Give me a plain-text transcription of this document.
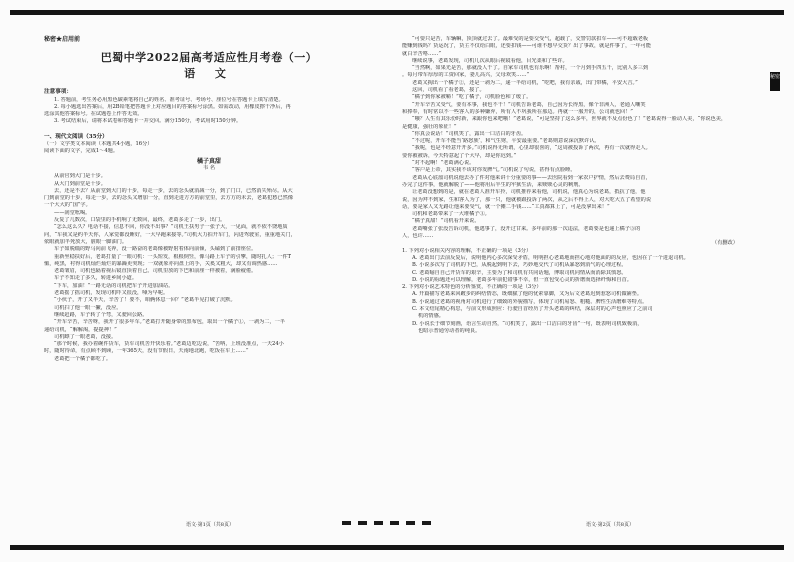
秘密
秘密★启用前
巴蜀中学2022届高考适应性月考卷（一）
语 文
注意事项：

1. 答题前，考生务必用黑色碳素笔将自己的姓名、准考证号、考场号、座位号在答题卡上填写清楚。

2. 每小题选出答案后，用2B铅笔把答题卡上对应题目的答案标号涂黑。如需改动，用橡皮擦干净后，再

选涂其他答案标号。在试题卷上作答无效。

3. 考试结束后，请将本试卷和答题卡一并交回。满分150分，考试用时150分钟。

一、现代文阅读（35分）

（一）文学类文本阅读（本题共4小题，16分）

阅读下面的文字，完成1～4题。

橘子真甜
韦 名

从前官到大门是十步。

从大门到前堂是十步。

去，还是不去？从前堂到大门的十步，每走一步，去的念头就消减一分，到了门口，已然消失殆尽。从大

门到前堂的十步，每走一步，去的念头又增加一分，直到走进方方的前堂里，去方方的未去，老葛犯愁已然像

一个大大的“国”字。

——刮堂吆喝。

反复了几数次，口袋里的手机响了无数回，最终，老葛多走了一步，出门。

“怎么这么久？电话不接，信息不回，你没不出事？”司机王扶男子一张子大，一见面，就不依不饶地质

问，“车我又是约半天你，人家觉都没睡好，一大早跑来接等。”司机大力拍开车门，闪进驾驶室，重重地关门，

依眼就加半死放大，脏眼一脚油门。

车子如脱缰的野马向前飞奔，没一路奋的老葛像被野射着体向前倾，头磕到了前排座位。

重新坐稳扶好后，老葛打量了一眼司机：一头短发，根根倒竖，像马路上车子的引擎，随时扎人；一件T

恤，纯黑，衬得司机灿烂灿烂的暴躁更突现；一双就象亦向盘上的手，关奚又粗大，却又有调热感……

老葛皱眉，司机也隔着视后镜直顶着自己。司机里放的下巴和前座一样被着，满脸疲倦。

车子不知走了多久，转进乡间小道。

“下车，加油！”一路无话的司机把车子开进加油站。

老葛摇了摇司机，发现司机吓又很没，嗓为早呢。

“小伙子，开了又半天，辛苦了！要不，咱俩休息一回？”老葛半见打破了沉默。

司机扫了他一眼一撇，没应。

继续赶路，车子转了个弯，又驶回公路。

“开车辛苦，辛苦呀，我开了很多年车。”老葛打开随身带的黑布包，取出一个橘子①，一剥为二，一半

递给司机，“解解渴，提提神！”

司机瞟了一眼老葛，没接。

“那个时候，我办着碗件货车，货车司机苦开快乐着。”老葛边吃边说，“苦呐，上班没准点，一天24小

时，随时待命，有点顾不到顾，一年365天，没有节假日，天南地北跑，吃饭在车上……”

老葛把一个橘子都吃了。

“可要只是苦，车辆嘛，顶顶就过去了。最难受的是要交受气，超载了，交警罚款扣车——可不超载老板

能赚到钱吗？货运况了，货主不仅给白眼，还要扣钱——可谁不想早交货？出了事故，就是件事了，一年可能

就白辛苦咯……”

继续说事，老葛发现，司机几次从眼后视镜看他，目光柔和了些许。

“当然啊，如果光是苦，那就没人干了。自家车司机也有乐啊！帮衬，一个月到手四五千，比别人多三到

。每月带车厚厚的工资回家，妻儿高兴，父母欢笑……”

老葛又掏出一个橘子②，还是一剥为二，递一半给司机，“吃吧，我有亲戚，出门带橘，平安大吉。”

这回，司机看了看老葛，接了。

“橘子到你家被嚼！”吃了橘子，司机脸色和了缓了。

“开车辛苦又受气，要有本事，我也不干！”司机告诉老葛，自己因为长得黑，像个非洲人，老通人嘲笑

和捧奉，有时常以不一些客人的多种嫌弃，所有人不巩我所在那边。再就一一服开的，公司就也回！”

“哦？人生有其乐份时新，来跟你也来吧哦！”老葛说，“可是坚持了这么多年，世界就不及点份色了！”老葛说得一脸动人美，“你说色美，

是健康，强壮的象征！”

“你真会说话！”司机笑了，露出一口洁白的牙齿。

“不过呢，开车不能当‘路怒族’，和气生财，平安最重要。”老葛则意说深沉默许认。

“我呢，也是不经意开开多。”司机说得无所谓，心里却很喜的，“这周被投诉了两次，再有一次就得走人。

要你被被诉，今天特意起了个大早，却是你迟到。”

“对不起啊！”老葛满心说。

“客户是上帝，其实我不该对你发脾气。”司机说了句说，甚得有点脸睡。

老葛从心底溜司机说他去办了件对他来讲十分重要的事——去医院看到一家农户护情，然后去费局自首，

办完了这件事，他就解脱了——他将用后半生的牢狱生活，来赎赎心灵的剩刑。

让老葛没想到的是，就在老葛人准开车拎，司机推荐来看他，司机说，他真心为说老葛，抵抗了他，他

说，因为拜不到家，生和客人为了，那一只，他就被跟投诉了两次，从之后不得上人，对大吃大五了希望的说

话，要是家人又无路让他来要受气，就一个摊二手钱……“工真都算上了，可是没拿出来！”

司机和老葛带来了一大堆橘子③。

“橘子真甜！”司机看开来说。

老葛嘴张了张没告诉司机，他逃事了，没开过甘来。多年前的那一次违法，老葛要是也递上橘子③的

人，也许……

（有删改）

1. 下列对小说相关内容的理解，不正确的一项是（3分）

A. 老葛出门去前反复后，说明他内心多次深受矛盾，明明担心老葛地而担心地对他面的的反应，也因在了一个进退司机。

B. 小说多次写了司机的下巴，从脱起到明下去，巧妙地交代了司机从暴怒到消气的心理过程。

C. 老葛喻自自己开货车的艰辛，主要为了和司机有共同话题，博取司机同情从而消除其愤怒。

D. 小说的标题还可以理解，老葛多年前犯错事不幸，但一直包受心灵的折磨而选择纤悔和自首。

2. 下列对小说艺术特色的分析鉴赏，不正确的一项是（3分）

A. 开篇描写老葛来回踱步的纠结情态，既细腻了他的忧索靠脚，又为后文老葛迟到惹怒司机做铺垫。

B. 小说通过老葛的视角对司机进行了细致的外貌描写，体现了司机易怒、粗糙、脾性生活磨难等特点。

C. 本文结尾精心构思，与前文形成照应：行驶自首经历了开头老葛的纠结，深层对的心声也照应了之前司

机的情感。

D. 小说长于细节刻画，语言生动自然，“司机笑了，露出一口洁白的牙齿”一句，既表明司机致极消，

也暗示普通劳动者的纯良。

语文·第1页（共8页）	语文·第2页（共8页）
